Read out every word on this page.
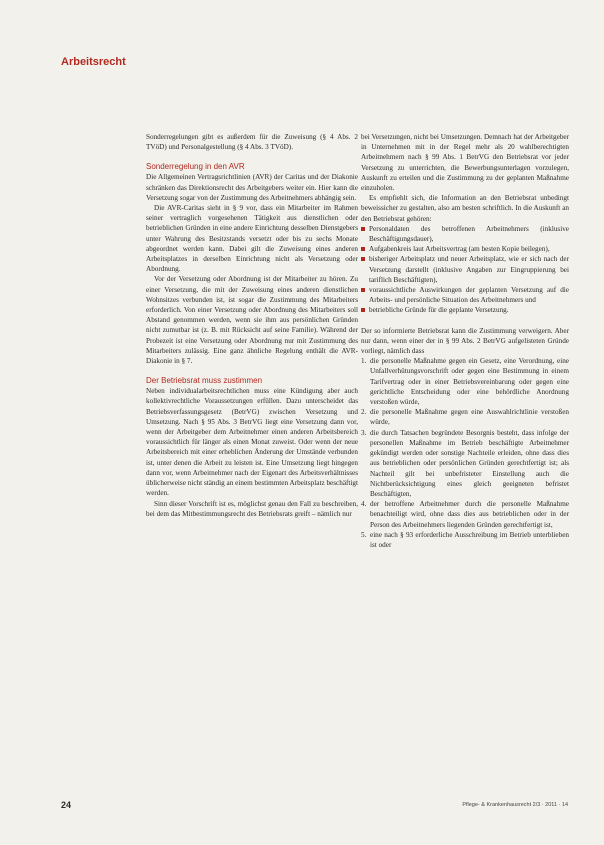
Arbeitsrecht

Sonderregelungen gibt es außerdem für die Zuweisung (§ 4 Abs. 2 TVöD) und Personalgestellung (§ 4 Abs. 3 TVöD).

Sonderregelung in den AVR

Die Allgemeinen Vertragsrichtlinien (AVR) der Caritas und der Diakonie schränken das Direktionsrecht des Arbeitgebers weiter ein. Hier kann die Versetzung sogar von der Zustimmung des Arbeitnehmers abhängig sein.

Die AVR-Caritas sieht in § 9 vor, dass ein Mitarbeiter im Rahmen seiner vertraglich vorgesehenen Tätigkeit aus dienstlichen oder betrieblichen Gründen in eine andere Einrichtung desselben Dienstgebers unter Wahrung des Besitzstands versetzt oder bis zu sechs Monate abgeordnet werden kann. Dabei gilt die Zuweisung eines anderen Arbeitsplatzes in derselben Einrichtung nicht als Versetzung oder Abordnung.

Vor der Versetzung oder Abordnung ist der Mitarbeiter zu hören. Zu einer Versetzung, die mit der Zuweisung eines anderen dienstlichen Wohnsitzes verbunden ist, ist sogar die Zustimmung des Mitarbeiters erforderlich. Von einer Versetzung oder Abordnung des Mitarbeiters soll Abstand genommen werden, wenn sie ihm aus persönlichen Gründen nicht zumutbar ist (z. B. mit Rücksicht auf seine Familie). Während der Probezeit ist eine Versetzung oder Abordnung nur mit Zustimmung des Mitarbeiters zulässig. Eine ganz ähnliche Regelung enthält die AVR-Diakonie in § 7.

Der Betriebsrat muss zustimmen

Neben individualarbeitsrechtlichen muss eine Kündigung aber auch kollektivrechtliche Voraussetzungen erfüllen. Dazu unterscheidet das Betriebsverfassungsgesetz (BetrVG) zwischen Versetzung und Umsetzung. Nach § 95 Abs. 3 BetrVG liegt eine Versetzung dann vor, wenn der Arbeitgeber dem Arbeitnehmer einen anderen Arbeitsbereich voraussichtlich für länger als einen Monat zuweist. Oder wenn der neue Arbeitsbereich mit einer erheblichen Änderung der Umstände verbunden ist, unter denen die Arbeit zu leisten ist. Eine Umsetzung liegt hingegen dann vor, wenn Arbeitnehmer nach der Eigenart des Arbeitsverhältnisses üblicherweise nicht ständig an einem bestimmten Arbeitsplatz beschäftigt werden.

Sinn dieser Vorschrift ist es, möglichst genau den Fall zu beschreiben, bei dem das Mitbestimmungsrecht des Betriebsrats greift – nämlich nur

bei Versetzungen, nicht bei Umsetzungen. Demnach hat der Arbeitgeber in Unternehmen mit in der Regel mehr als 20 wahlberechtigten Arbeitnehmern nach § 99 Abs. 1 BetrVG den Betriebsrat vor jeder Versetzung zu unterrichten, die Bewerbungsunterlagen vorzulegen, Auskunft zu erteilen und die Zustimmung zu der geplanten Maßnahme einzuholen.

Es empfiehlt sich, die Information an den Betriebsrat unbedingt beweissicher zu gestalten, also am besten schriftlich. In die Auskunft an den Betriebsrat gehören:

Personaldaten des betroffenen Arbeitnehmers (inklusive Beschäftigungsdauer),
Aufgabenkreis laut Arbeitsvertrag (am besten Kopie beilegen),
bisheriger Arbeitsplatz und neuer Arbeitsplatz, wie er sich nach der Versetzung darstellt (inklusive Angaben zur Eingruppierung bei tariflich Beschäftigten),
voraussichtliche Auswirkungen der geplanten Versetzung auf die Arbeits- und persönliche Situation des Arbeitnehmers und
betriebliche Gründe für die geplante Versetzung.

Der so informierte Betriebsrat kann die Zustimmung verweigern. Aber nur dann, wenn einer der in § 99 Abs. 2 BetrVG aufgelisteten Gründe vorliegt, nämlich dass

1. die personelle Maßnahme gegen ein Gesetz, eine Verordnung, eine Unfallverhütungsvorschrift oder gegen eine Bestimmung in einem Tarifvertrag oder in einer Betriebsvereinbarung oder gegen eine gerichtliche Entscheidung oder eine behördliche Anordnung verstoßen würde,
2. die personelle Maßnahme gegen eine Auswahlrichtlinie verstoßen würde,
3. die durch Tatsachen begründete Besorgnis besteht, dass infolge der personellen Maßnahme im Betrieb beschäftigte Arbeitnehmer gekündigt werden oder sonstige Nachteile erleiden, ohne dass dies aus betrieblichen oder persönlichen Gründen gerechtfertigt ist; als Nachteil gilt bei unbefristeter Einstellung auch die Nichtberücksichtigung eines gleich geeigneten befristet Beschäftigten,
4. der betroffene Arbeitnehmer durch die personelle Maßnahme benachteiligt wird, ohne dass dies aus betrieblichen oder in der Person des Arbeitnehmers liegenden Gründen gerechtfertigt ist,
5. eine nach § 93 erforderliche Ausschreibung im Betrieb unterblieben ist oder
24	Pflege- & Krankenhausrecht 2/3 · 2011 · 14
